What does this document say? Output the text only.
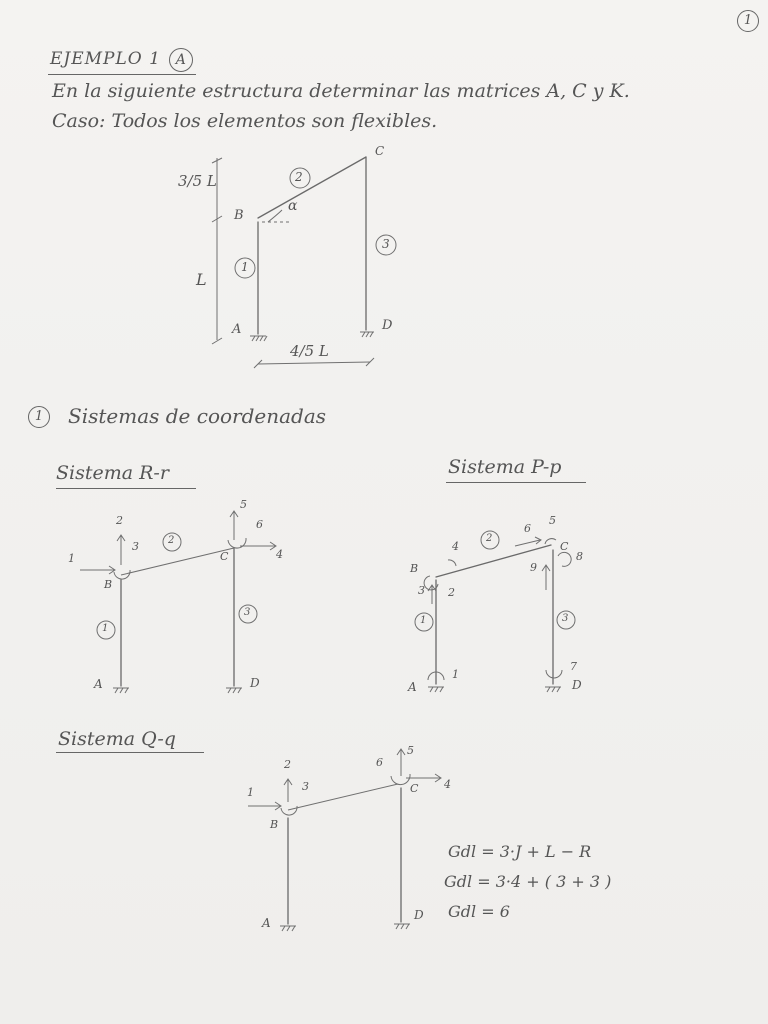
1
EJEMPLO 1 A
En la siguiente estructura determinar las matrices A, C y K.
Caso: Todos los elementos son flexibles.
3/5 L
L
4/5 L
A
B
C
D
α
2
1
3
1	Sistemas de coordenadas
Sistema R-r
1
2
3
4
5
6
A
B
C
D
2
1
3
Sistema P-p
1
2
3
4
5
6
7
8
9
A
B
C
D
2
1	3
Sistema Q-q
1
2
3	4
5
6
A
B
C
D
Gdl = 3·J + L − R
Gdl = 3·4 + ( 3 + 3 )
Gdl = 6
